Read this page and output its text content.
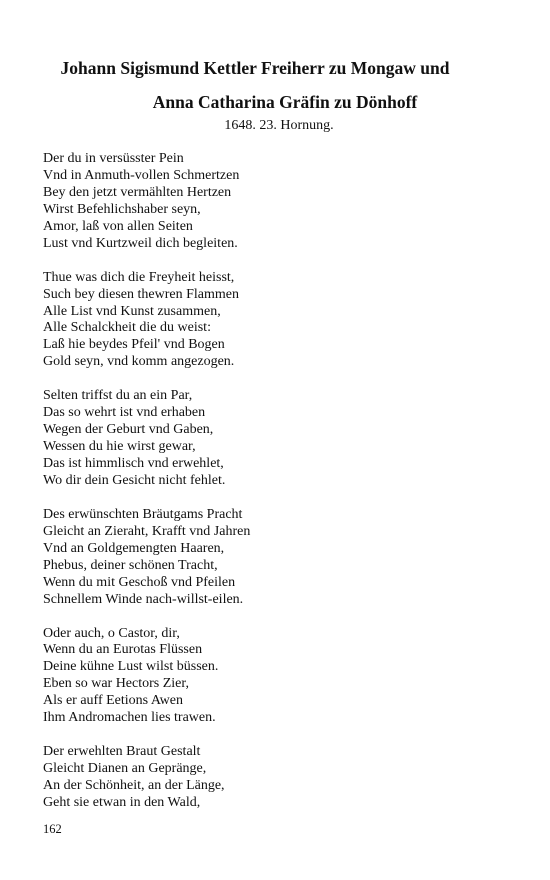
Johann Sigismund Kettler Freiherr zu Mongaw und
Anna Catharina Gräfin zu Dönhoff
1648. 23. Hornung.
Der du in versüsster Pein
Vnd in Anmuth-vollen Schmertzen
Bey den jetzt vermählten Hertzen
Wirst Befehlichshaber seyn,
Amor, laß von allen Seiten
Lust vnd Kurtzweil dich begleiten.
Thue was dich die Freyheit heisst,
Such bey diesen thewren Flammen
Alle List vnd Kunst zusammen,
Alle Schalckheit die du weist:
Laß hie beydes Pfeil' vnd Bogen
Gold seyn, vnd komm angezogen.
Selten triffst du an ein Par,
Das so wehrt ist vnd erhaben
Wegen der Geburt vnd Gaben,
Wessen du hie wirst gewar,
Das ist himmlisch vnd erwehlet,
Wo dir dein Gesicht nicht fehlet.
Des erwünschten Bräutgams Pracht
Gleicht an Zieraht, Krafft vnd Jahren
Vnd an Goldgemengten Haaren,
Phebus, deiner schönen Tracht,
Wenn du mit Geschoß vnd Pfeilen
Schnellem Winde nach-willst-eilen.
Oder auch, o Castor, dir,
Wenn du an Eurotas Flüssen
Deine kühne Lust wilst büssen.
Eben so war Hectors Zier,
Als er auff Eetions Awen
Ihm Andromachen lies trawen.
Der erwehlten Braut Gestalt
Gleicht Dianen an Gepränge,
An der Schönheit, an der Länge,
Geht sie etwan in den Wald,
162
